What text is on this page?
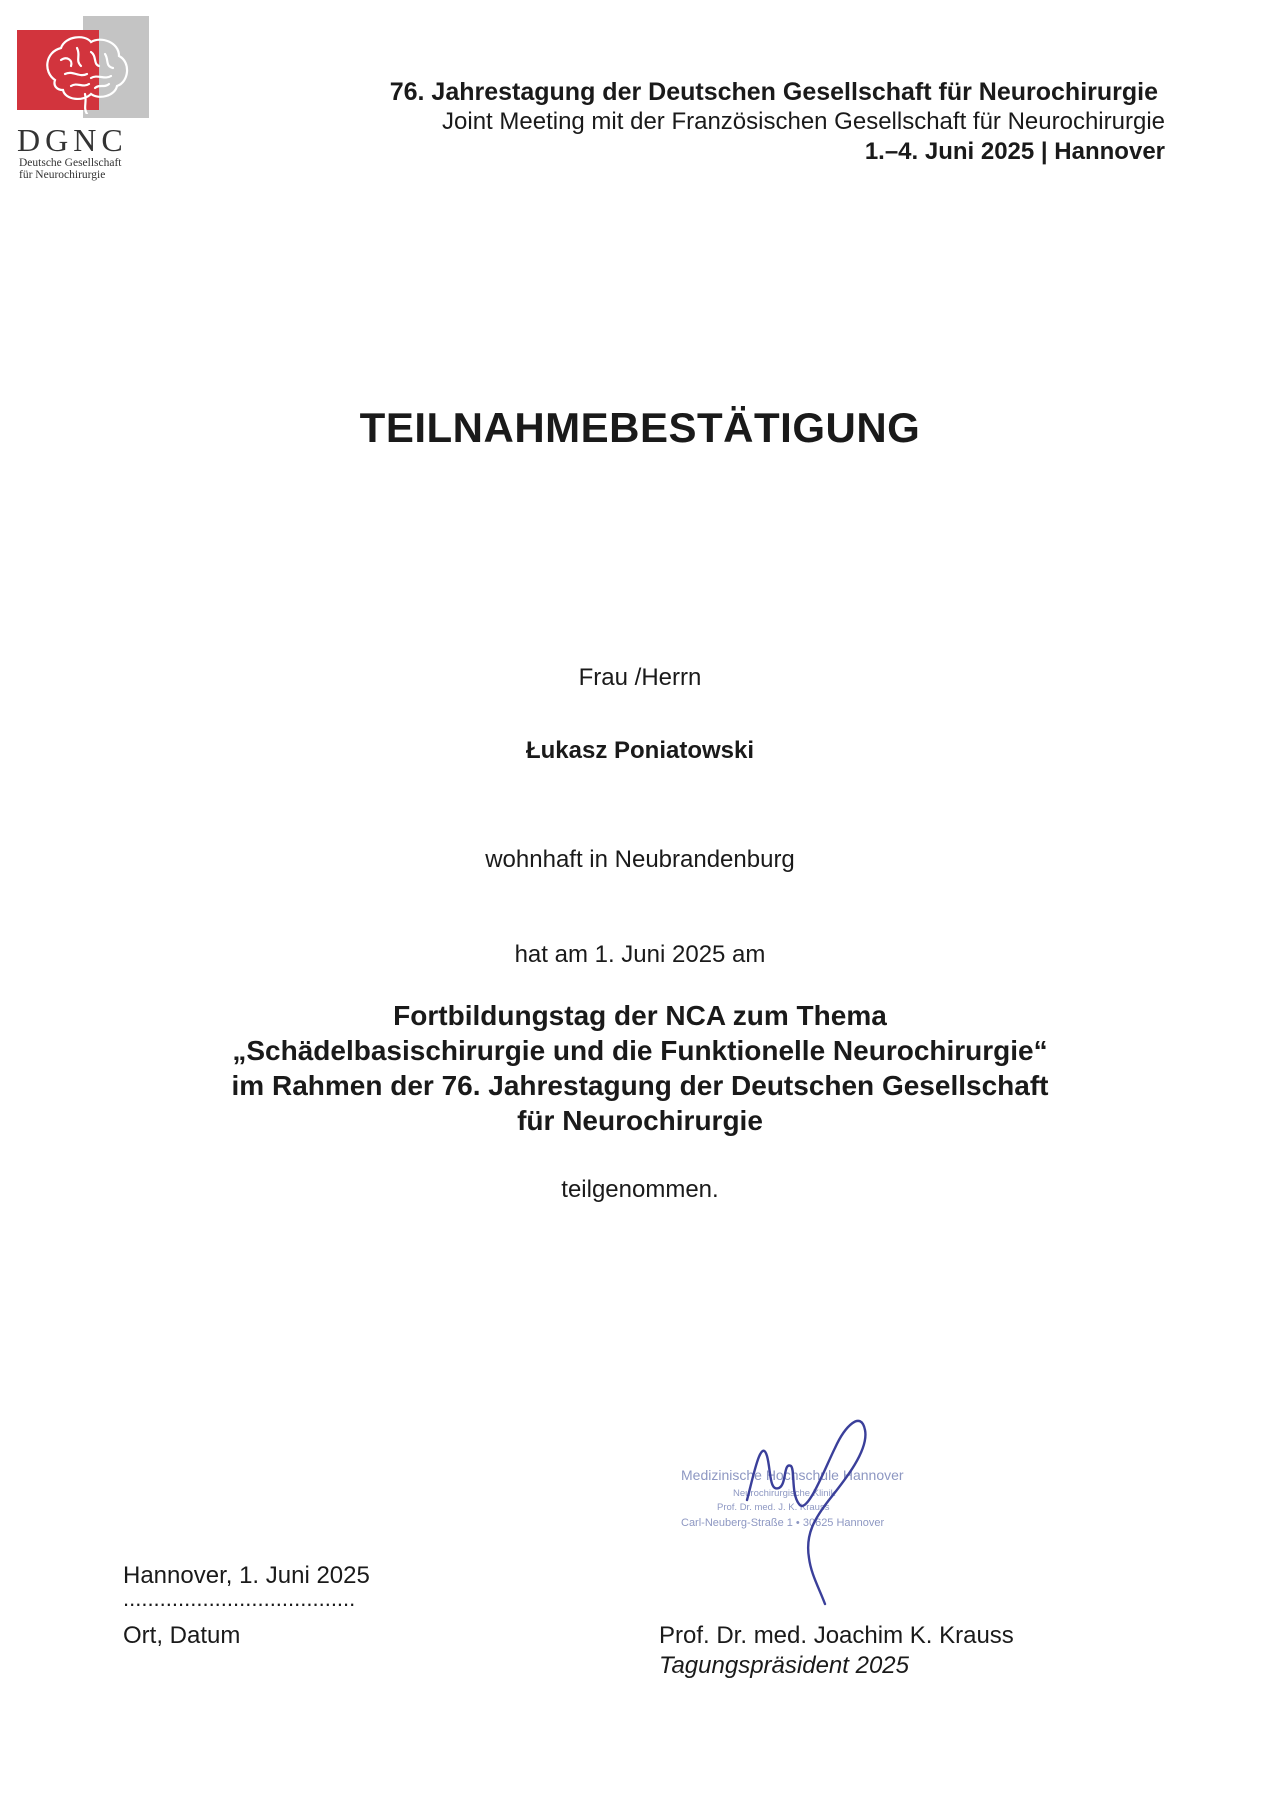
DGNC
Deutsche Gesellschaft
für Neurochirurgie
76. Jahrestagung der Deutschen Gesellschaft für Neurochirurgie
Joint Meeting mit der Französischen Gesellschaft für Neurochirurgie
1.–4. Juni 2025 | Hannover
TEILNAHMEBESTÄTIGUNG
Frau /Herrn
Łukasz Poniatowski
wohnhaft in Neubrandenburg
hat am 1. Juni 2025 am
Fortbildungstag der NCA zum Thema
„Schädelbasischirurgie und die Funktionelle Neurochirurgie“
im Rahmen der 76. Jahrestagung der Deutschen Gesellschaft
für Neurochirurgie
teilgenommen.
Medizinische Hochschule Hannover
Neurochirurgische Klinik
Prof. Dr. med. J. K. Krauss
Carl-Neuberg-Straße 1 • 30625 Hannover
Hannover, 1. Juni 2025
......................................
Ort, Datum	Prof. Dr. med. Joachim K. Krauss
Tagungspräsident 2025
